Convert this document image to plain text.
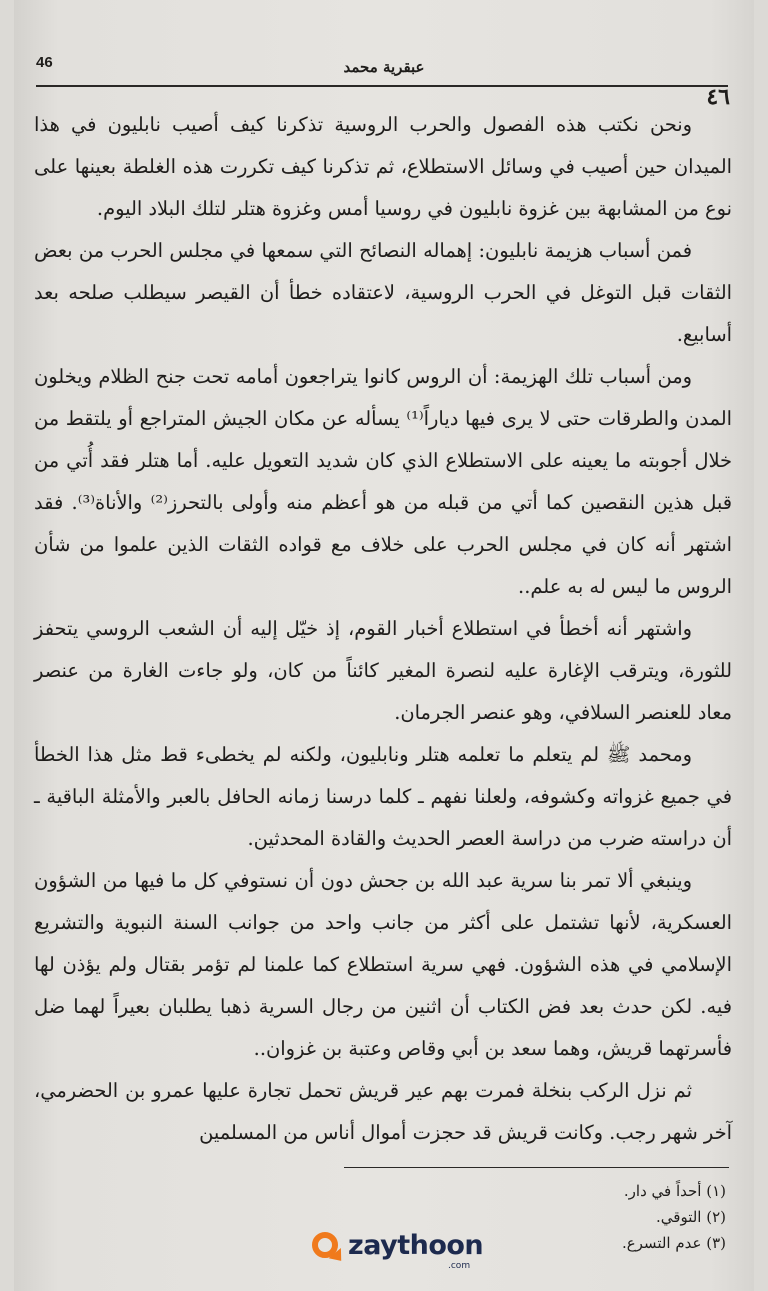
46	عبقرية محمد
٤٦

ونحن نكتب هذه الفصول والحرب الروسية تذكرنا كيف أصيب نابليون في هذا الميدان حين أصيب في وسائل الاستطلاع، ثم تذكرنا كيف تكررت هذه الغلطة بعينها على نوع من المشابهة بين غزوة نابليون في روسيا أمس وغزوة هتلر لتلك البلاد اليوم.

فمن أسباب هزيمة نابليون: إهماله النصائح التي سمعها في مجلس الحرب من بعض الثقات قبل التوغل في الحرب الروسية، لاعتقاده خطأ أن القيصر سيطلب صلحه بعد أسابيع.

ومن أسباب تلك الهزيمة: أن الروس كانوا يتراجعون أمامه تحت جنح الظلام ويخلون المدن والطرقات حتى لا يرى فيها دياراً⁽¹⁾ يسأله عن مكان الجيش المتراجع أو يلتقط من خلال أجوبته ما يعينه على الاستطلاع الذي كان شديد التعويل عليه. أما هتلر فقد أُتي من قبل هذين النقصين كما أتي من قبله من هو أعظم منه وأولى بالتحرز⁽²⁾ والأناة⁽³⁾. فقد اشتهر أنه كان في مجلس الحرب على خلاف مع قواده الثقات الذين علموا من شأن الروس ما ليس له به علم..

واشتهر أنه أخطأ في استطلاع أخبار القوم، إذ خيّل إليه أن الشعب الروسي يتحفز للثورة، ويترقب الإغارة عليه لنصرة المغير كائناً من كان، ولو جاءت الغارة من عنصر معاد للعنصر السلافي، وهو عنصر الجرمان.

ومحمد ﷺ لم يتعلم ما تعلمه هتلر ونابليون، ولكنه لم يخطىء قط مثل هذا الخطأ في جميع غزواته وكشوفه، ولعلنا نفهم ـ كلما درسنا زمانه الحافل بالعبر والأمثلة الباقية ـ أن دراسته ضرب من دراسة العصر الحديث والقادة المحدثين.

وينبغي ألا تمر بنا سرية عبد الله بن جحش دون أن نستوفي كل ما فيها من الشؤون العسكرية، لأنها تشتمل على أكثر من جانب واحد من جوانب السنة النبوية والتشريع الإسلامي في هذه الشؤون. فهي سرية استطلاع كما علمنا لم تؤمر بقتال ولم يؤذن لها فيه. لكن حدث بعد فض الكتاب أن اثنين من رجال السرية ذهبا يطلبان بعيراً لهما ضل فأسرتهما قريش، وهما سعد بن أبي وقاص وعتبة بن غزوان..

ثم نزل الركب بنخلة فمرت بهم عير قريش تحمل تجارة عليها عمرو بن الحضرمي، آخر شهر رجب. وكانت قريش قد حجزت أموال أناس من المسلمين

(١) أحداً في دار.
(٢) التوقي.
(٣) عدم التسرع.
zaythoon
.com
